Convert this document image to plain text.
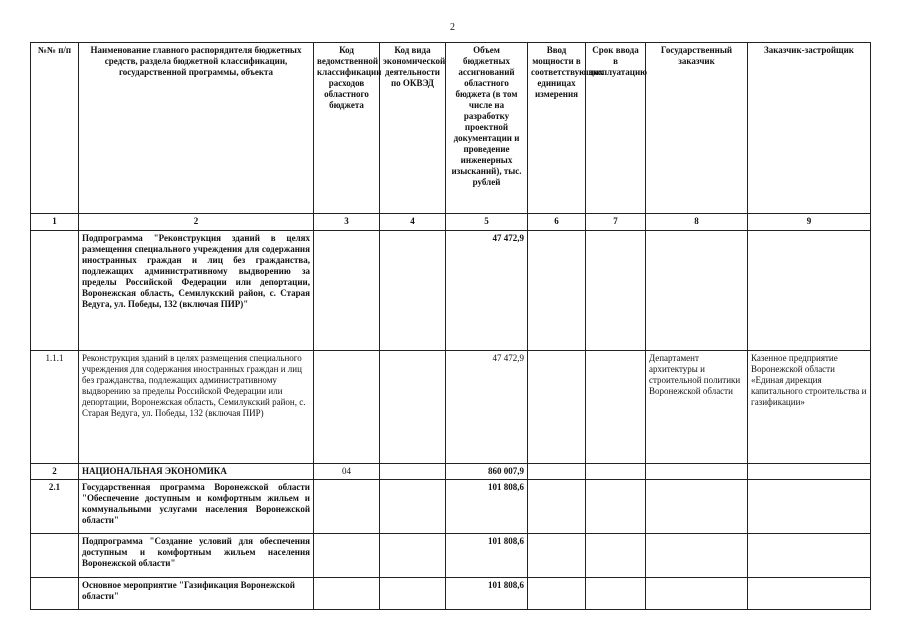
2
№№ п/п	Наименование главного распорядителя бюджетных средств, раздела бюджетной классификации, государственной программы, объекта	Код ведомственной классификации расходов областного бюджета	Код вида экономической деятельности по ОКВЭД	Объем бюджетных ассигнований областного бюджета (в том числе на разработку проектной документации и проведение инженерных изысканий), тыс. рублей	Ввод мощности в соответствующих единицах измерения	Срок ввода в эксплуатацию	Государственный заказчик	Заказчик-застройщик
1	2	3	4	5	6	7	8	9
	Подпрограмма "Реконструкция зданий в целях размещения специального учреждения для содержания иностранных граждан и лиц без гражданства, подлежащих административному выдворению за пределы Российской Федерации или депортации, Воронежская область, Семилукский район, с. Старая Ведуга, ул. Победы, 132 (включая ПИР)"			47 472,9				
1.1.1	Реконструкция зданий в целях размещения специального учреждения для содержания иностранных граждан и лиц без гражданства, подлежащих административному выдворению за пределы Российской Федерации или депортации, Воронежская область, Семилукский район, с. Старая Ведуга, ул. Победы, 132 (включая ПИР)			47 472,9			Департамент архитектуры и строительной политики Воронежской области	Казенное предприятие Воронежской области «Единая дирекция капитального строительства и газификации»
2	НАЦИОНАЛЬНАЯ ЭКОНОМИКА	04		860 007,9				
2.1	Государственная программа Воронежской области "Обеспечение доступным и комфортным жильем и коммунальными услугами населения Воронежской области"			101 808,6				
	Подпрограмма "Создание условий для обеспечения доступным и комфортным жильем населения Воронежской области"			101 808,6				
	Основное мероприятие "Газификация Воронежской области"			101 808,6				
